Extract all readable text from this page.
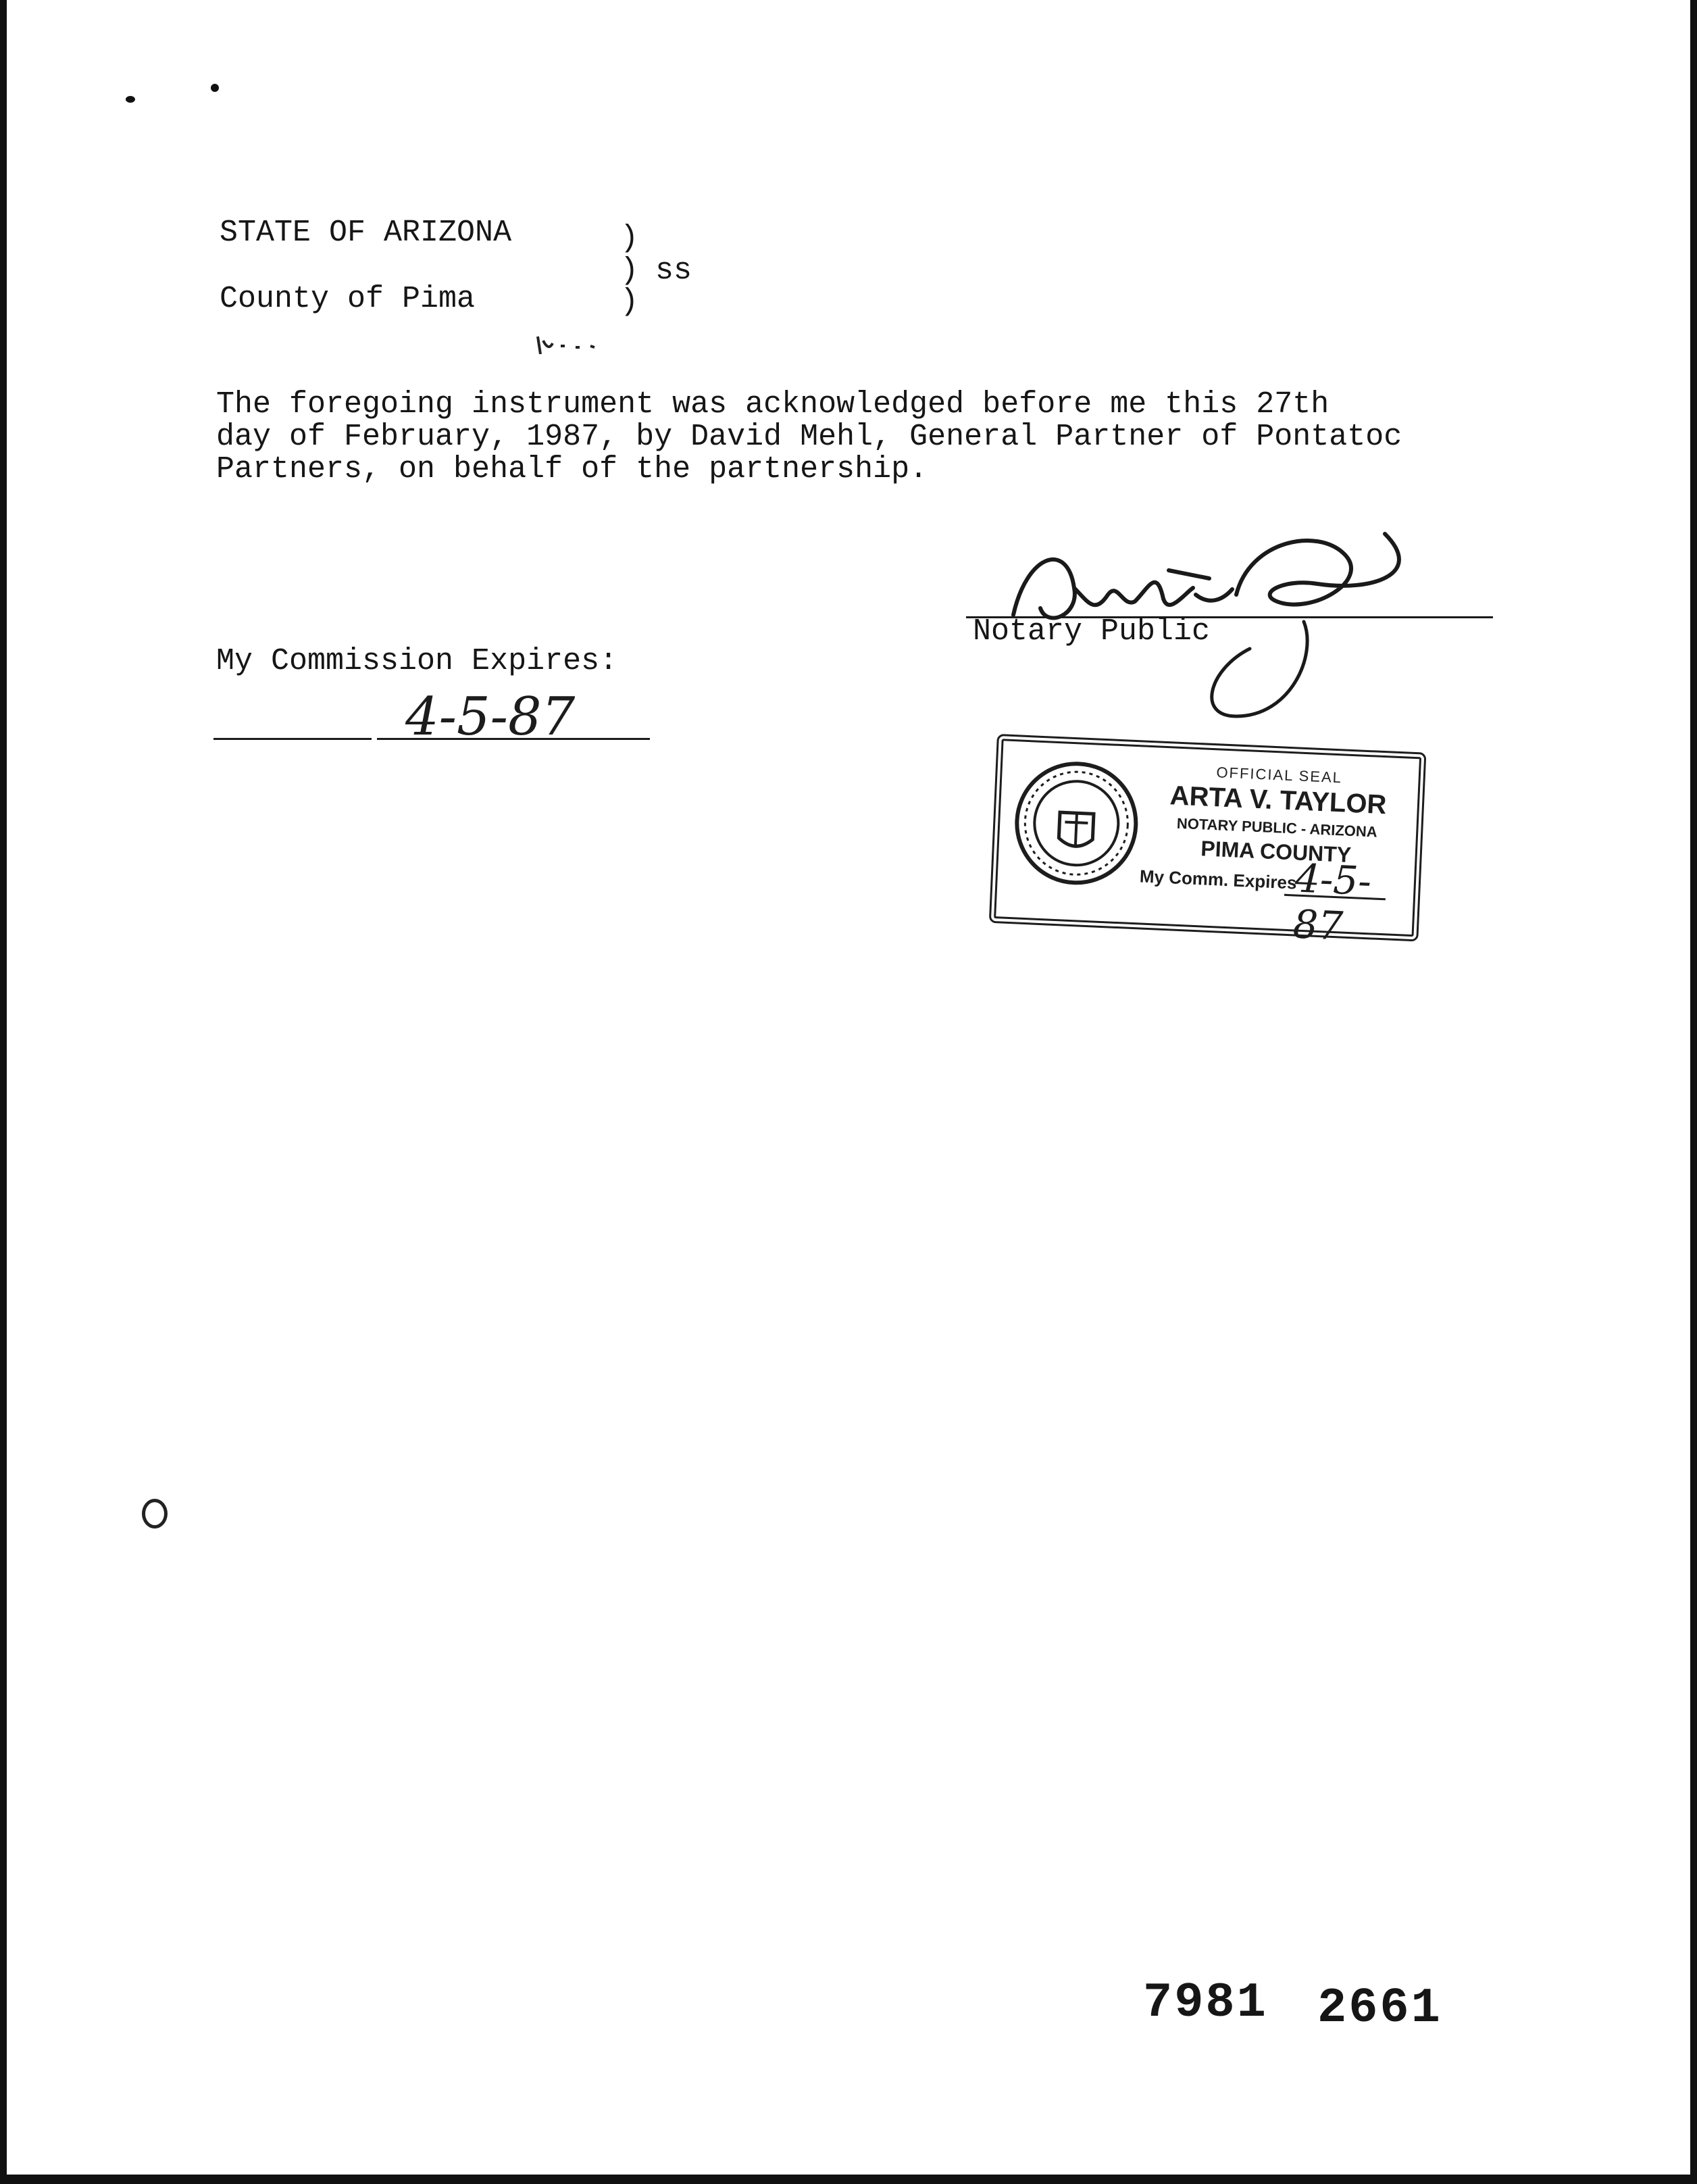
STATE OF ARIZONA	)
) ss
County of Pima	)
The foregoing instrument was acknowledged before me this 27th
day of February, 1987, by David Mehl, General Partner of Pontatoc
Partners, on behalf of the partnership.
My Commission Expires:
4-5-87
Notary Public
OFFICIAL SEAL
ARTA V. TAYLOR
NOTARY PUBLIC - ARIZONA
PIMA COUNTY
My Comm. Expires
4-5-87
7981 2661
